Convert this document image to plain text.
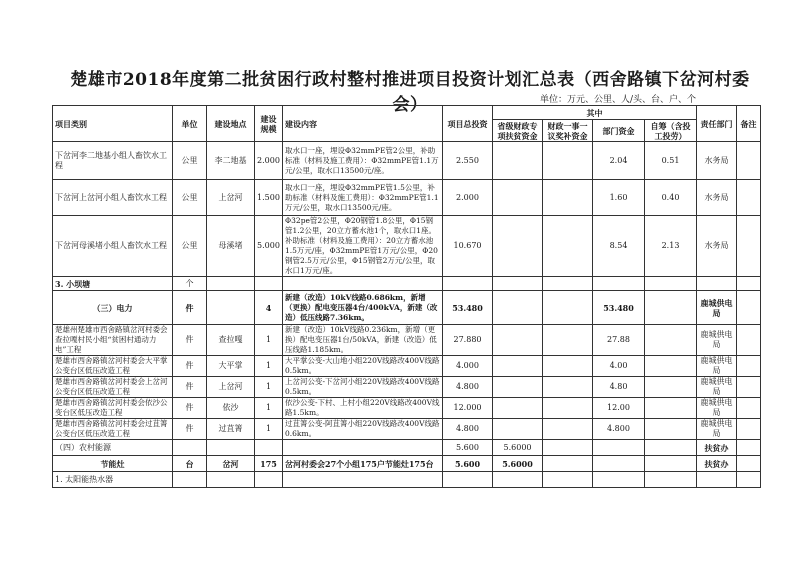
楚雄市2018年度第二批贫困行政村整村推进项目投资计划汇总表（西舍路镇下岔河村委会）	单位：万元、公里、人/头、台、户、个
项目类别	单位	建设地点	建设规模	建设内容	项目总投资	其中				责任部门	备注
						省级财政专项扶贫资金	财政一事一议奖补资金	部门资金	自筹（含投工投劳）		
下岔河李二地基小组人畜饮水工程	公里	李二地基	2.000	取水口一座，埋设Φ32mmPE管2公里，补助标准（材料及施工费用）：Φ32mmPE管1.1万元/公里，取水口13500元/座。	2.550			2.04	0.51	水务局	
下岔河上岔河小组人畜饮水工程	公里	上岔河	1.500	取水口一座，埋设Φ32mmPE管1.5公里，补助标准（材料及施工费用）：Φ32mmPE管1.1万元/公里，取水口13500元/座。	2.000			1.60	0.40	水务局	
下岔河母溪堵小组人畜饮水工程	公里	母溪堵	5.000	Φ32pe管2公里，Φ20钢管1.8公里，Φ15钢管1.2公里，20立方蓄水池1个，取水口1座。补助标准（材料及施工费用）：20立方蓄水池1.5万元/座，Φ32mmPE管1万元/公里，Φ20钢管2.5万元/公里，Φ15钢管2万元/公里，取水口1万元/座。	10.670			8.54	2.13	水务局	
3. 小坝塘	个										
（三）电力	件		4	新建（改造）10kV线路0.686km，新增（更换）配电变压器4台/400kVA，新建（改造）低压线路7.36km。	53.480			53.480		鹿城供电局	
楚雄州楚雄市西舍路镇岔河村委会查拉嘎村民小组“贫困村通动力电”工程	件	查拉嘎	1	新建（改造）10kV线路0.236km，新增（更换）配电变压器1台/50kVA，新建（改造）低压线路1.185km。	27.880			27.88		鹿城供电局	
楚雄市西舍路镇岔河村委会大平掌公变台区低压改造工程	件	大平掌	1	大平掌公变-大山地小组220V线路改400V线路0.5km。	4.000			4.00		鹿城供电局	
楚雄市西舍路镇岔河村委会上岔河公变台区低压改造工程	件	上岔河	1	上岔河公变-下岔河小组220V线路改400V线路0.5km。	4.800			4.80		鹿城供电局	
楚雄市西舍路镇岔河村委会依沙公变台区低压改造工程	件	依沙	1	依沙公变-下村、上村小组220V线路改400V线路1.5km。	12.000			12.00		鹿城供电局	
楚雄市西舍路镇岔河村委会过苴箐公变台区低压改造工程	件	过苴箐	1	过苴箐公变-阿苴箐小组220V线路改400V线路0.6km。	4.800			4.800		鹿城供电局	
（四）农村能源					5.600	5.6000				扶贫办	
节能灶	台	岔河	175	岔河村委会27个小组175户节能灶175台	5.600	5.6000				扶贫办	
1. 太阳能热水器											
